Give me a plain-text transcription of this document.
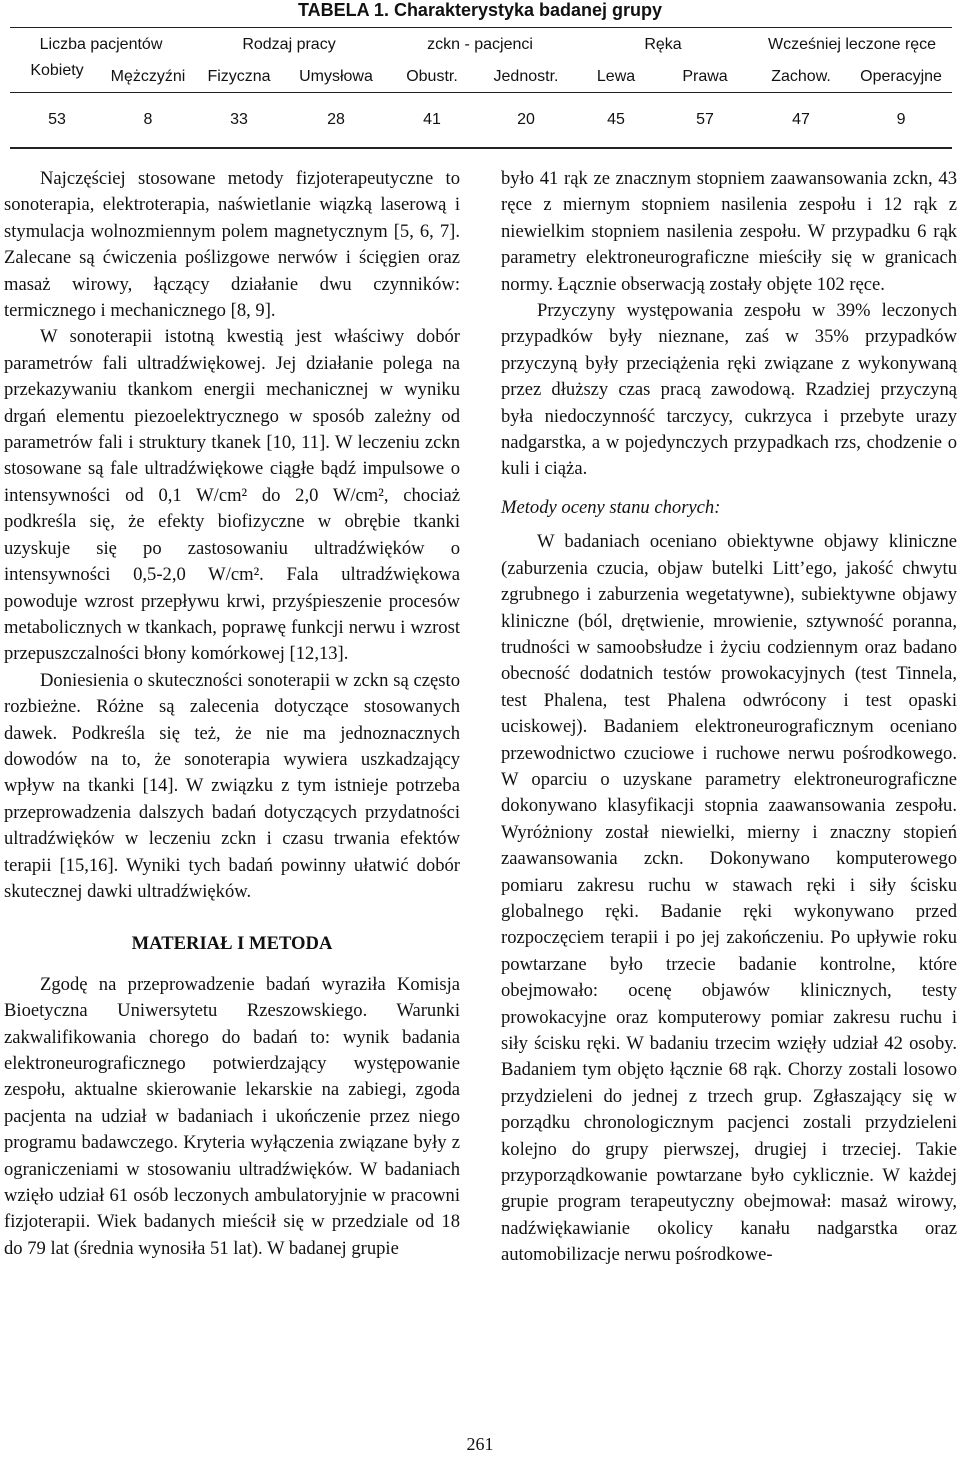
TABELA 1. Charakterystyka badanej grupy
Liczba pacjentów		Rodzaj pracy		zckn - pacjenci		Ręka		Wcześniej leczone ręce	
Kobiety	Mężczyźni	Fizyczna	Umysłowa	Obustr.	Jednostr.	Lewa	Prawa	Zachow.	Operacyjne
53	8	33	28	41	20	45	57	47	9

Najczęściej stosowane metody fizjoterapeutyczne to sonoterapia, elektroterapia, naświetlanie wiązką laserową i stymulacja wolnozmiennym polem magnetycznym [5, 6, 7]. Zalecane są ćwiczenia poślizgowe nerwów i ścięgien oraz masaż wirowy, łączący działanie dwu czynników: termicznego i mechanicznego [8, 9].

W sonoterapii istotną kwestią jest właściwy dobór parametrów fali ultradźwiękowej. Jej działanie polega na przekazywaniu tkankom energii mechanicznej w wyniku drgań elementu piezoelektrycznego w sposób zależny od parametrów fali i struktury tkanek [10, 11]. W leczeniu zckn stosowane są fale ultradźwiękowe ciągłe bądź impulsowe o intensywności od 0,1 W/cm² do 2,0 W/cm², chociaż podkreśla się, że efekty biofizyczne w obrębie tkanki uzyskuje się po zastosowaniu ultradźwięków o intensywności 0,5-2,0 W/cm². Fala ultradźwiękowa powoduje wzrost przepływu krwi, przyśpieszenie procesów metabolicznych w tkankach, poprawę funkcji nerwu i wzrost przepuszczalności błony komórkowej [12,13].

Doniesienia o skuteczności sonoterapii w zckn są często rozbieżne. Różne są zalecenia dotyczące stosowanych dawek. Podkreśla się też, że nie ma jednoznacznych dowodów na to, że sonoterapia wywiera uszkadzający wpływ na tkanki [14]. W związku z tym istnieje potrzeba przeprowadzenia dalszych badań dotyczących przydatności ultradźwięków w leczeniu zckn i czasu trwania efektów terapii [15,16]. Wyniki tych badań powinny ułatwić dobór skutecznej dawki ultradźwięków.

MATERIAŁ I METODA

Zgodę na przeprowadzenie badań wyraziła Komisja Bioetyczna Uniwersytetu Rzeszowskiego. Warunki zakwalifikowania chorego do badań to: wynik badania elektroneurograficznego potwierdzający występowanie zespołu, aktualne skierowanie lekarskie na zabiegi, zgoda pacjenta na udział w badaniach i ukończenie przez niego programu badawczego. Kryteria wyłączenia związane były z ograniczeniami w stosowaniu ultradźwięków. W badaniach wzięło udział 61 osób leczonych ambulatoryjnie w pracowni fizjoterapii. Wiek badanych mieścił się w przedziale od 18 do 79 lat (średnia wynosiła 51 lat). W badanej grupie

było 41 rąk ze znacznym stopniem zaawansowania zckn, 43 ręce z miernym stopniem nasilenia zespołu i 12 rąk z niewielkim stopniem nasilenia zespołu. W przypadku 6 rąk parametry elektroneurograficzne mieściły się w granicach normy. Łącznie obserwacją zostały objęte 102 ręce.

Przyczyny występowania zespołu w 39% leczonych przypadków były nieznane, zaś w 35% przypadków przyczyną były przeciążenia ręki związane z wykonywaną przez dłuższy czas pracą zawodową. Rzadziej przyczyną była niedoczynność tarczycy, cukrzyca i przebyte urazy nadgarstka, a w pojedynczych przypadkach rzs, chodzenie o kuli i ciąża.

Metody oceny stanu chorych:

W badaniach oceniano obiektywne objawy kliniczne (zaburzenia czucia, objaw butelki Litt’ego, jakość chwytu zgrubnego i zaburzenia wegetatywne), subiektywne objawy kliniczne (ból, drętwienie, mrowienie, sztywność poranna, trudności w samoobsłudze i życiu codziennym oraz badano obecność dodatnich testów prowokacyjnych (test Tinnela, test Phalena, test Phalena odwrócony i test opaski uciskowej). Badaniem elektroneurograficznym oceniano przewodnictwo czuciowe i ruchowe nerwu pośrodkowego. W oparciu o uzyskane parametry elektroneurograficzne dokonywano klasyfikacji stopnia zaawansowania zespołu. Wyróżniony został niewielki, mierny i znaczny stopień zaawansowania zckn. Dokonywano komputerowego pomiaru zakresu ruchu w stawach ręki i siły ścisku globalnego ręki. Badanie ręki wykonywano przed rozpoczęciem terapii i po jej zakończeniu. Po upływie roku powtarzane było trzecie badanie kontrolne, które obejmowało: ocenę objawów klinicznych, testy prowokacyjne oraz komputerowy pomiar zakresu ruchu i siły ścisku ręki. W badaniu trzecim wzięły udział 42 osoby. Badaniem tym objęto łącznie 68 rąk. Chorzy zostali losowo przydzieleni do jednej z trzech grup. Zgłaszający się w porządku chronologicznym pacjenci zostali przydzieleni kolejno do grupy pierwszej, drugiej i trzeciej. Takie przyporządkowanie powtarzane było cyklicznie. W każdej grupie program terapeutyczny obejmował: masaż wirowy, nadźwiękawianie okolicy kanału nadgarstka oraz automobilizacje nerwu pośrodkowe-

261
